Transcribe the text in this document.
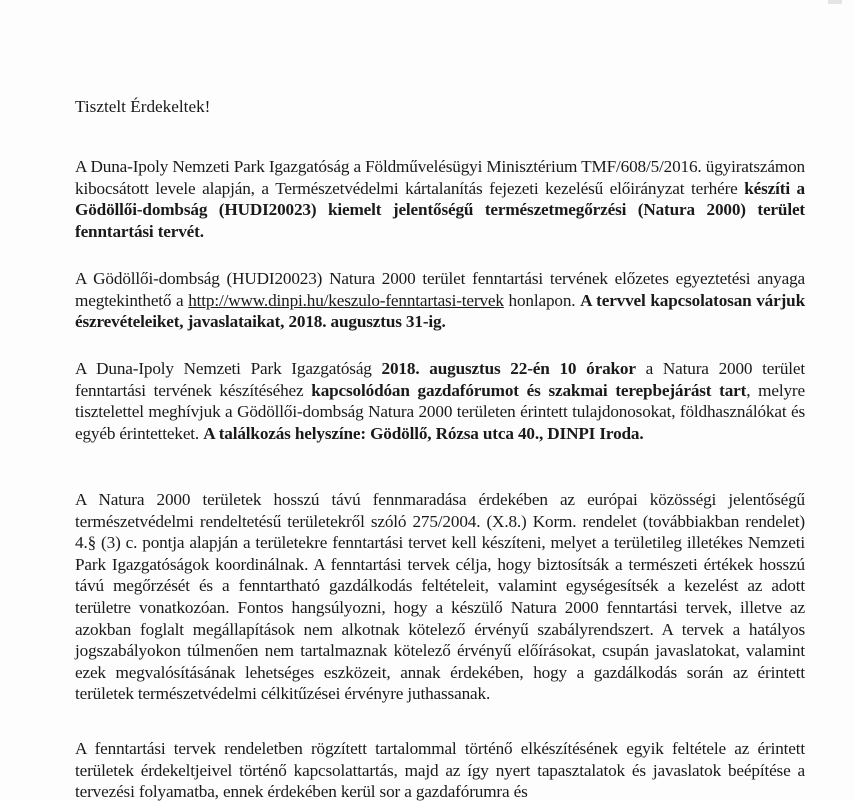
Tisztelt Érdekeltek!

A Duna-Ipoly Nemzeti Park Igazgatóság a Földművelésügyi Minisztérium TMF/608/5/2016. ügyiratszámon kibocsátott levele alapján, a Természetvédelmi kártalanítás fejezeti kezelésű előirányzat terhére készíti a Gödöllői-dombság (HUDI20023) kiemelt jelentőségű természetmegőrzési (Natura 2000) terület fenntartási tervét.

A Gödöllői-dombság (HUDI20023) Natura 2000 terület fenntartási tervének előzetes egyeztetési anyaga megtekinthető a http://www.dinpi.hu/keszulo-fenntartasi-tervek honlapon. A tervvel kapcsolatosan várjuk észrevételeiket, javaslataikat, 2018. augusztus 31-ig.

A Duna-Ipoly Nemzeti Park Igazgatóság 2018. augusztus 22-én 10 órakor a Natura 2000 terület fenntartási tervének készítéséhez kapcsolódóan gazdafórumot és szakmai terepbejárást tart, melyre tisztelettel meghívjuk a Gödöllői-dombság Natura 2000 területen érintett tulajdonosokat, földhasználókat és egyéb érintetteket. A találkozás helyszíne: Gödöllő, Rózsa utca 40., DINPI Iroda.

A Natura 2000 területek hosszú távú fennmaradása érdekében az európai közösségi jelentőségű természetvédelmi rendeltetésű területekről szóló 275/2004. (X.8.) Korm. rendelet (továbbiakban rendelet) 4.§ (3) c. pontja alapján a területekre fenntartási tervet kell készíteni, melyet a területileg illetékes Nemzeti Park Igazgatóságok koordinálnak. A fenntartási tervek célja, hogy biztosítsák a természeti értékek hosszú távú megőrzését és a fenntartható gazdálkodás feltételeit, valamint egységesítsék a kezelést az adott területre vonatkozóan. Fontos hangsúlyozni, hogy a készülő Natura 2000 fenntartási tervek, illetve az azokban foglalt megállapítások nem alkotnak kötelező érvényű szabályrendszert. A tervek a hatályos jogszabályokon túlmenően nem tartalmaznak kötelező érvényű előírásokat, csupán javaslatokat, valamint ezek megvalósításának lehetséges eszközeit, annak érdekében, hogy a gazdálkodás során az érintett területek természetvédelmi célkitűzései érvényre juthassanak.

A fenntartási tervek rendeletben rögzített tartalommal történő elkészítésének egyik feltétele az érintett területek érdekeltjeivel történő kapcsolattartás, majd az így nyert tapasztalatok és javaslatok beépítése a tervezési folyamatba, ennek érdekében kerül sor a gazdafórumra és
